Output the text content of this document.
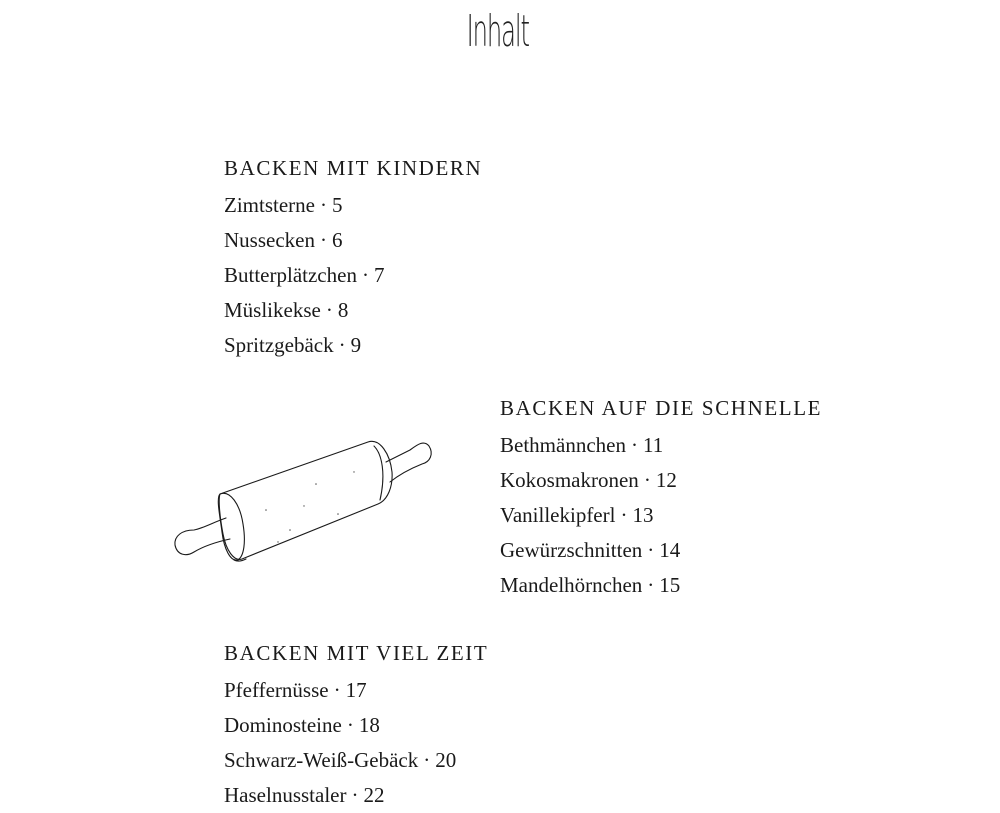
Inhalt
BACKEN MIT KINDERN
Zimtsterne · 5
Nussecken · 6
Butterplätzchen · 7
Müslikekse · 8
Spritzgebäck · 9
BACKEN AUF DIE SCHNELLE
Bethmännchen · 11
Kokosmakronen · 12
Vanillekipferl · 13
Gewürzschnitten · 14
Mandelhörnchen · 15
BACKEN MIT VIEL ZEIT
Pfeffernüsse · 17
Dominosteine · 18
Schwarz-Weiß-Gebäck · 20
Haselnusstaler · 22
